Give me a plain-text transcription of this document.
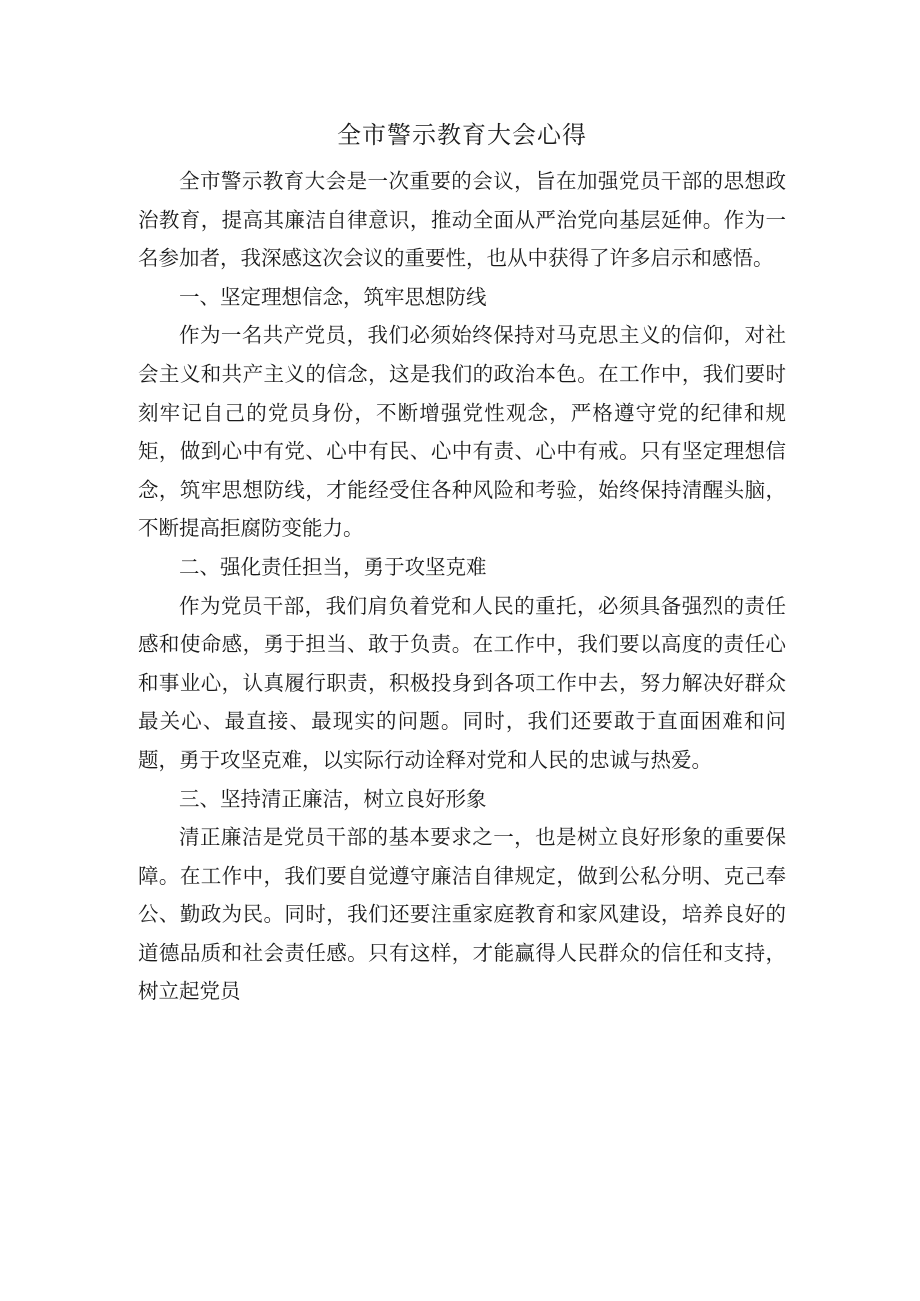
全市警示教育大会心得

全市警示教育大会是一次重要的会议，旨在加强党员干部的思想政治教育，提高其廉洁自律意识，推动全面从严治党向基层延伸。作为一名参加者，我深感这次会议的重要性，也从中获得了许多启示和感悟。

一、坚定理想信念，筑牢思想防线

作为一名共产党员，我们必须始终保持对马克思主义的信仰，对社会主义和共产主义的信念，这是我们的政治本色。在工作中，我们要时刻牢记自己的党员身份，不断增强党性观念，严格遵守党的纪律和规矩，做到心中有党、心中有民、心中有责、心中有戒。只有坚定理想信念，筑牢思想防线，才能经受住各种风险和考验，始终保持清醒头脑，不断提高拒腐防变能力。

二、强化责任担当，勇于攻坚克难

作为党员干部，我们肩负着党和人民的重托，必须具备强烈的责任感和使命感，勇于担当、敢于负责。在工作中，我们要以高度的责任心和事业心，认真履行职责，积极投身到各项工作中去，努力解决好群众最关心、最直接、最现实的问题。同时，我们还要敢于直面困难和问题，勇于攻坚克难，以实际行动诠释对党和人民的忠诚与热爱。

三、坚持清正廉洁，树立良好形象

清正廉洁是党员干部的基本要求之一，也是树立良好形象的重要保障。在工作中，我们要自觉遵守廉洁自律规定，做到公私分明、克己奉公、勤政为民。同时，我们还要注重家庭教育和家风建设，培养良好的道德品质和社会责任感。只有这样，才能赢得人民群众的信任和支持，树立起党员
